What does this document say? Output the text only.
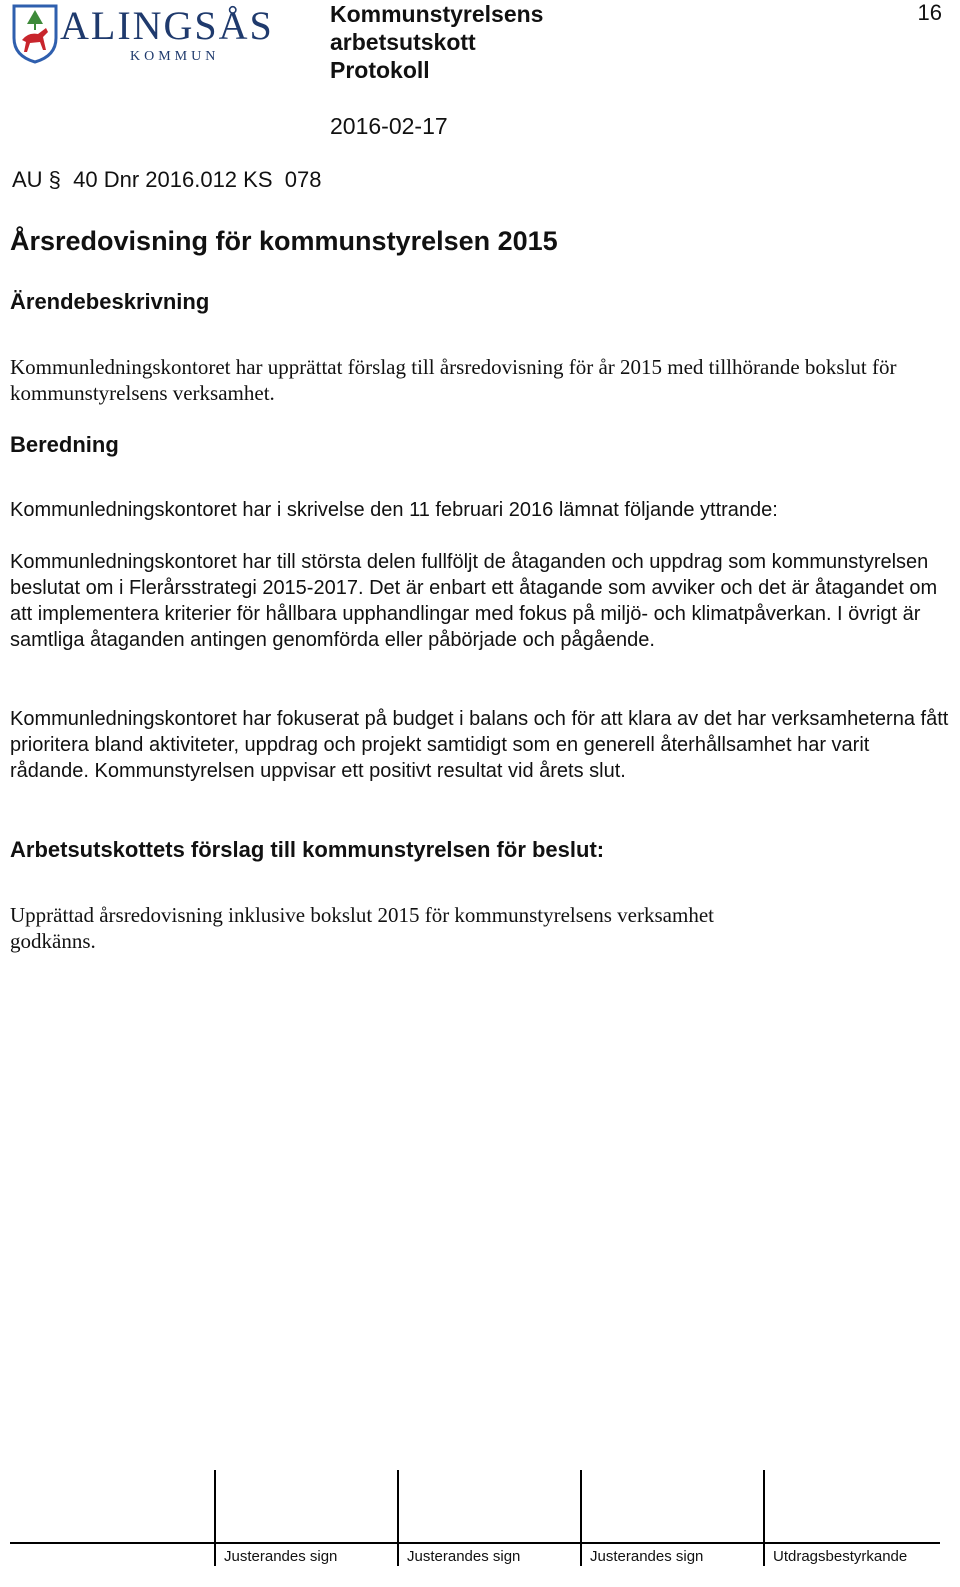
ALINGSÅS
KOMMUN
Kommunstyrelsens
arbetsutskott
Protokoll
2016-02-17
16
AU §  40 Dnr 2016.012 KS  078
Årsredovisning för kommunstyrelsen 2015
Ärendebeskrivning
Kommunledningskontoret har upprättat förslag till årsredovisning för år 2015 med tillhörande bokslut för kommunstyrelsens verksamhet.
Beredning
Kommunledningskontoret har i skrivelse den 11 februari 2016 lämnat följande yttrande:
Kommunledningskontoret har till största delen fullföljt de åtaganden och uppdrag som kommunstyrelsen beslutat om i Flerårsstrategi 2015-2017. Det är enbart ett åtagande som avviker och det är åtagandet om att implementera kriterier för hållbara upphandlingar med fokus på miljö- och klimatpåverkan. I övrigt är samtliga åtaganden antingen genomförda eller påbörjade och pågående.
Kommunledningskontoret har fokuserat på budget i balans och för att klara av det har verksamheterna fått prioritera bland aktiviteter, uppdrag och projekt samtidigt som en generell återhållsamhet har varit rådande. Kommunstyrelsen uppvisar ett positivt resultat vid årets slut.
Arbetsutskottets förslag till kommunstyrelsen för beslut:
Upprättad årsredovisning inklusive bokslut 2015 för kommunstyrelsens verksamhet godkänns.
Justerandes sign	Justerandes sign	Justerandes sign	Utdragsbestyrkande
